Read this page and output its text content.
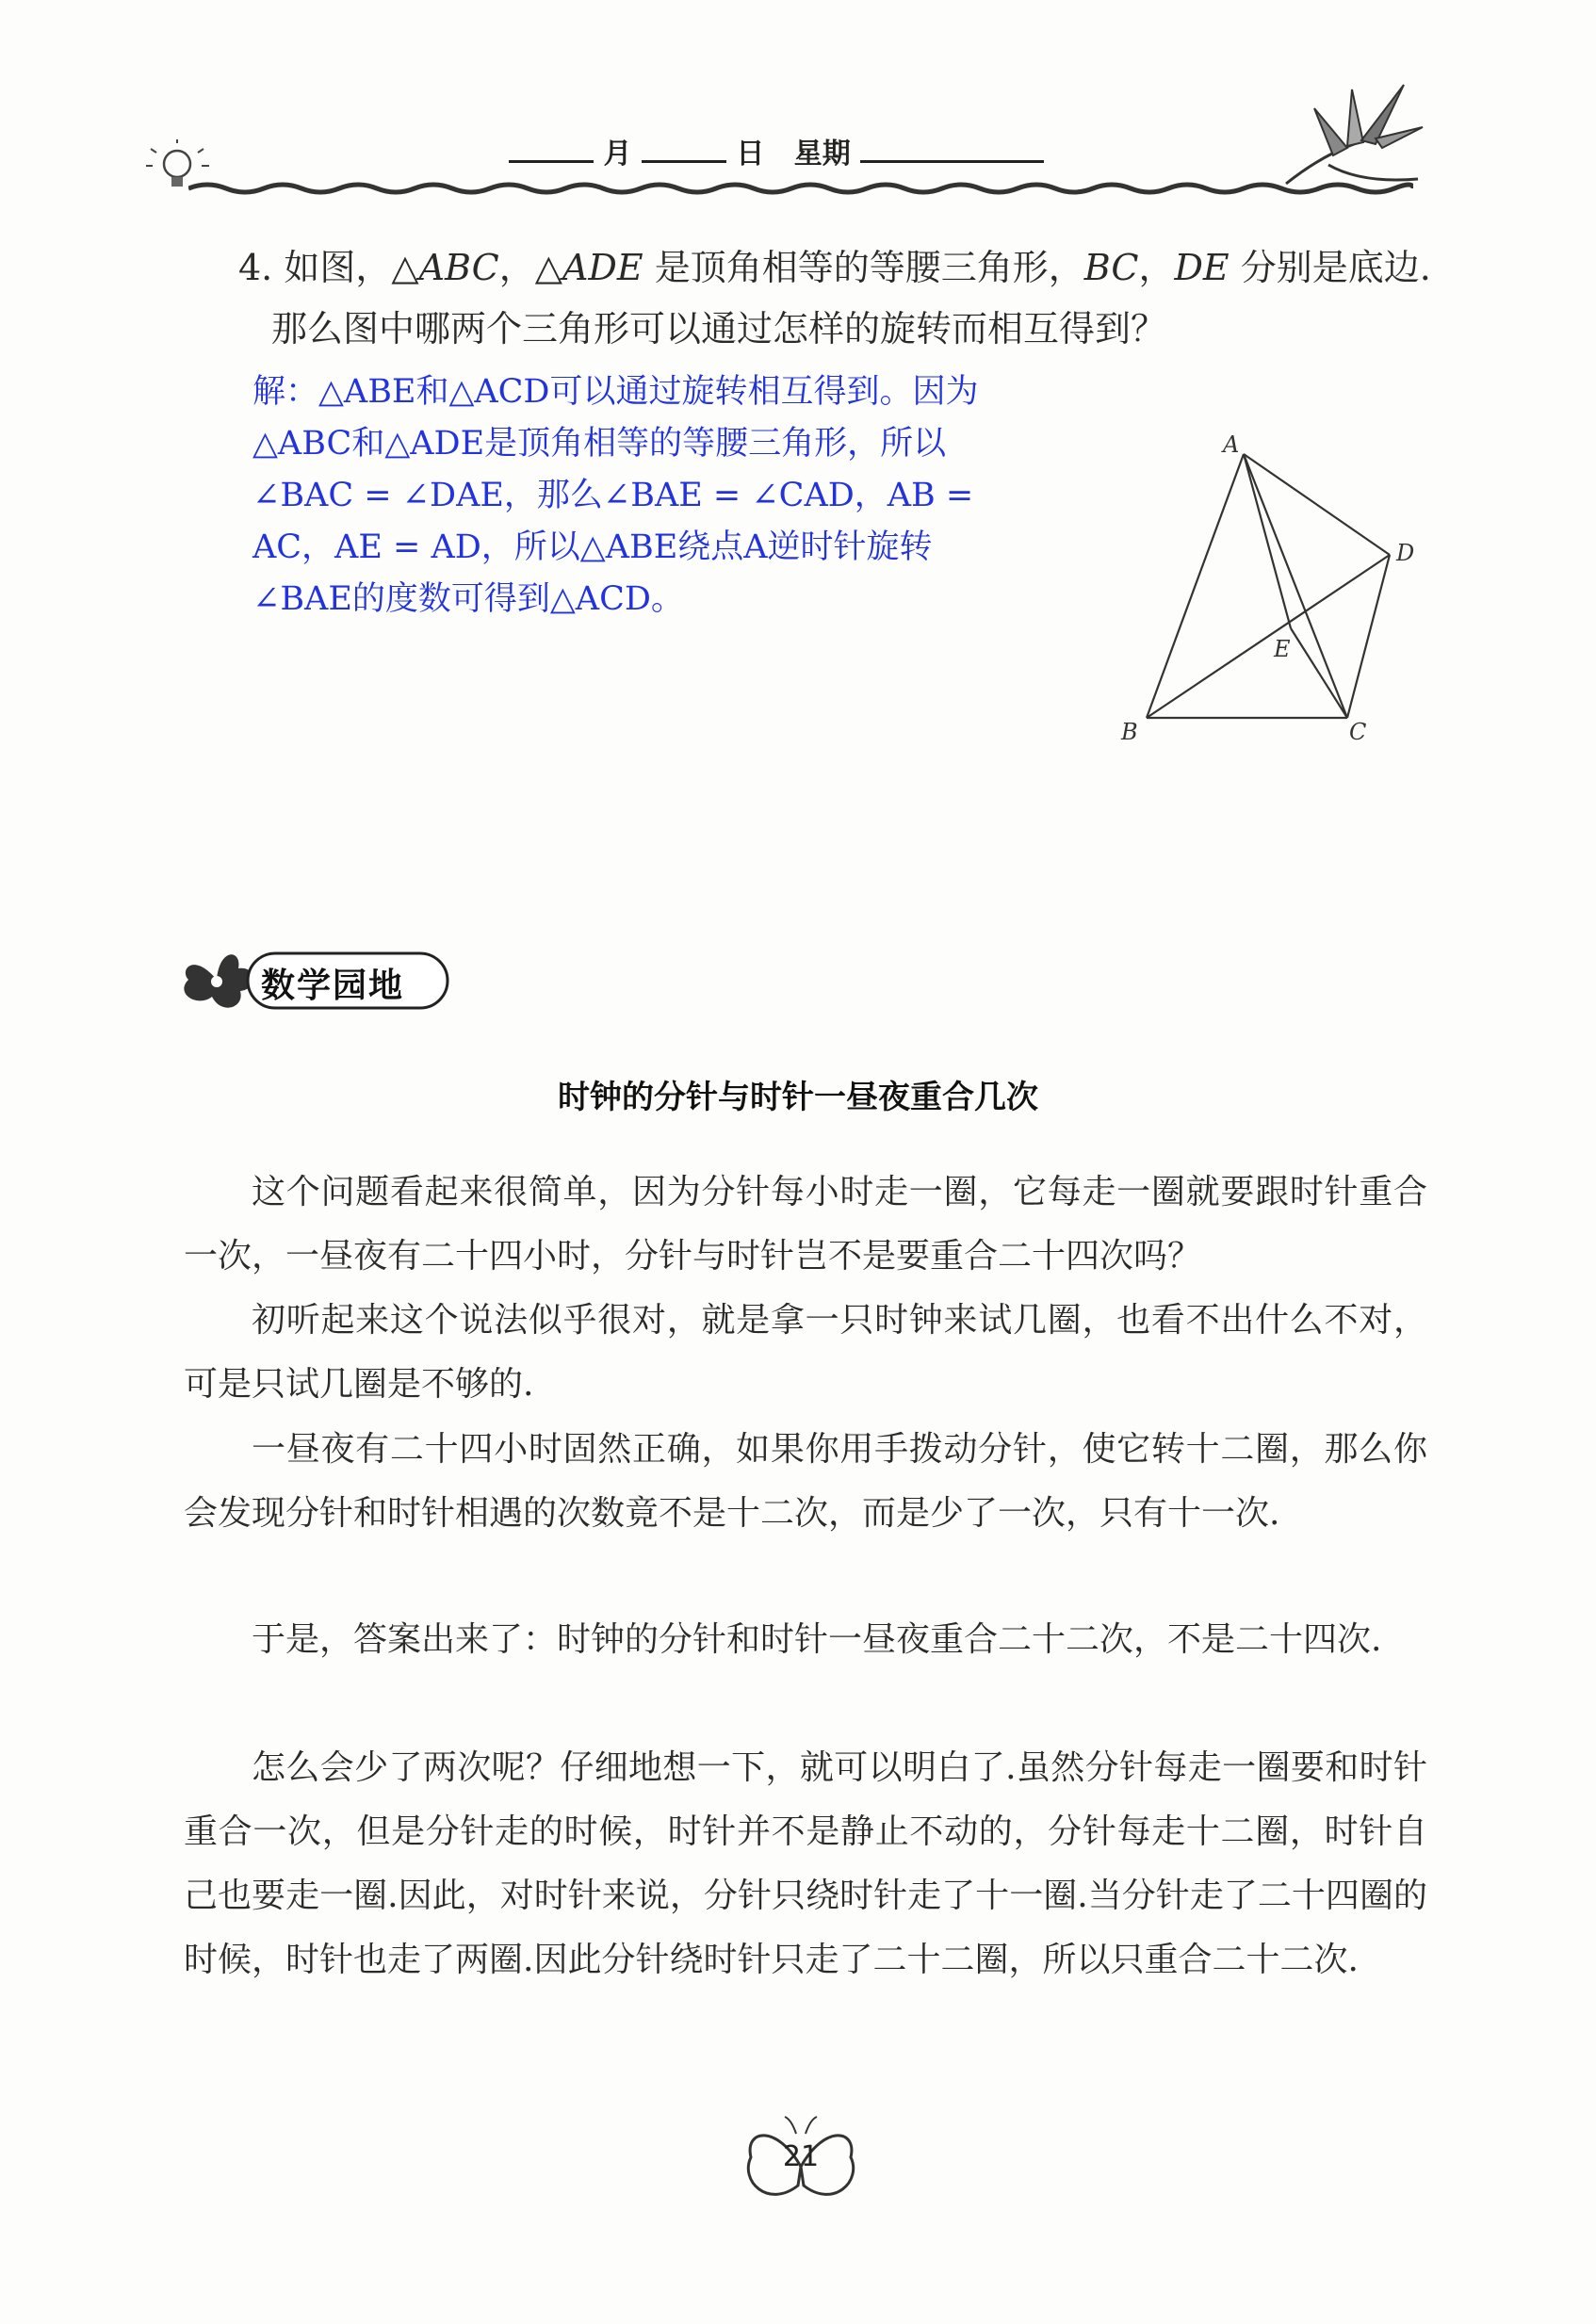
月	日 星期
4. 如图，△ABC，△ADE 是顶角相等的等腰三角形，BC，DE 分别是底边.
那么图中哪两个三角形可以通过怎样的旋转而相互得到？
解：△ABE和△ACD可以通过旋转相互得到。因为
△ABC和△ADE是顶角相等的等腰三角形，所以
∠BAC = ∠DAE，那么∠BAE = ∠CAD，AB =
AC，AE = AD，所以△ABE绕点A逆时针旋转
∠BAE的度数可得到△ACD。
A
B	C
D
E
数学园地
时钟的分针与时针一昼夜重合几次
这个问题看起来很简单，因为分针每小时走一圈，它每走一圈就要跟时针重合一次，一昼夜有二十四小时，分针与时针岂不是要重合二十四次吗？
初听起来这个说法似乎很对，就是拿一只时钟来试几圈，也看不出什么不对，可是只试几圈是不够的.
一昼夜有二十四小时固然正确，如果你用手拨动分针，使它转十二圈，那么你会发现分针和时针相遇的次数竟不是十二次，而是少了一次，只有十一次.
于是，答案出来了：时钟的分针和时针一昼夜重合二十二次，不是二十四次.
怎么会少了两次呢？仔细地想一下，就可以明白了.虽然分针每走一圈要和时针重合一次，但是分针走的时候，时针并不是静止不动的，分针每走十二圈，时针自己也要走一圈.因此，对时针来说，分针只绕时针走了十一圈.当分针走了二十四圈的时候，时针也走了两圈.因此分针绕时针只走了二十二圈，所以只重合二十二次.
21
